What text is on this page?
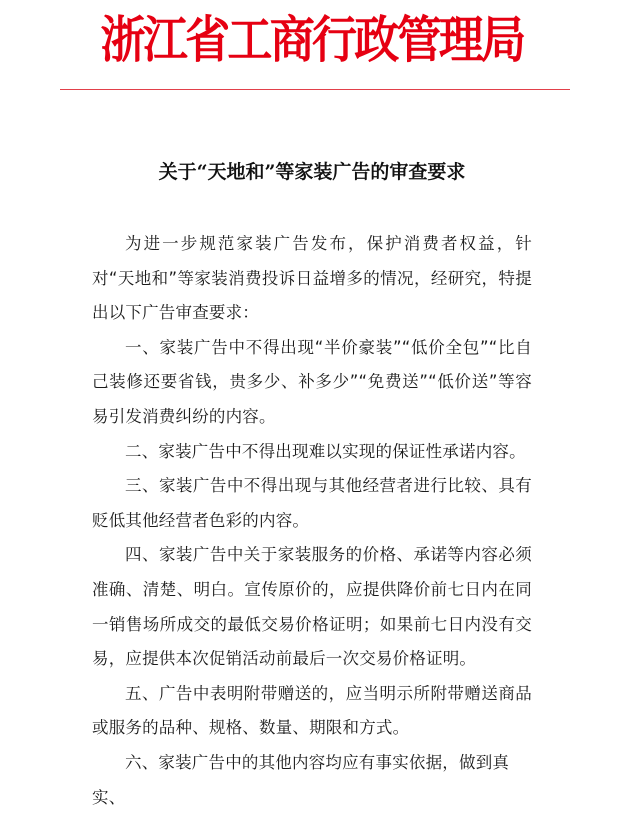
浙江省工商行政管理局
关于“天地和”等家装广告的审查要求

为进一步规范家装广告发布，保护消费者权益，针对“天地和”等家装消费投诉日益增多的情况，经研究，特提出以下广告审查要求：

一、家装广告中不得出现“半价豪装”“低价全包”“比自己装修还要省钱，贵多少、补多少”“免费送”“低价送”等容易引发消费纠纷的内容。

二、家装广告中不得出现难以实现的保证性承诺内容。

三、家装广告中不得出现与其他经营者进行比较、具有贬低其他经营者色彩的内容。

四、家装广告中关于家装服务的价格、承诺等内容必须准确、清楚、明白。宣传原价的，应提供降价前七日内在同一销售场所成交的最低交易价格证明；如果前七日内没有交易，应提供本次促销活动前最后一次交易价格证明。

五、广告中表明附带赠送的，应当明示所附带赠送商品或服务的品种、规格、数量、期限和方式。

六、家装广告中的其他内容均应有事实依据，做到真实、
